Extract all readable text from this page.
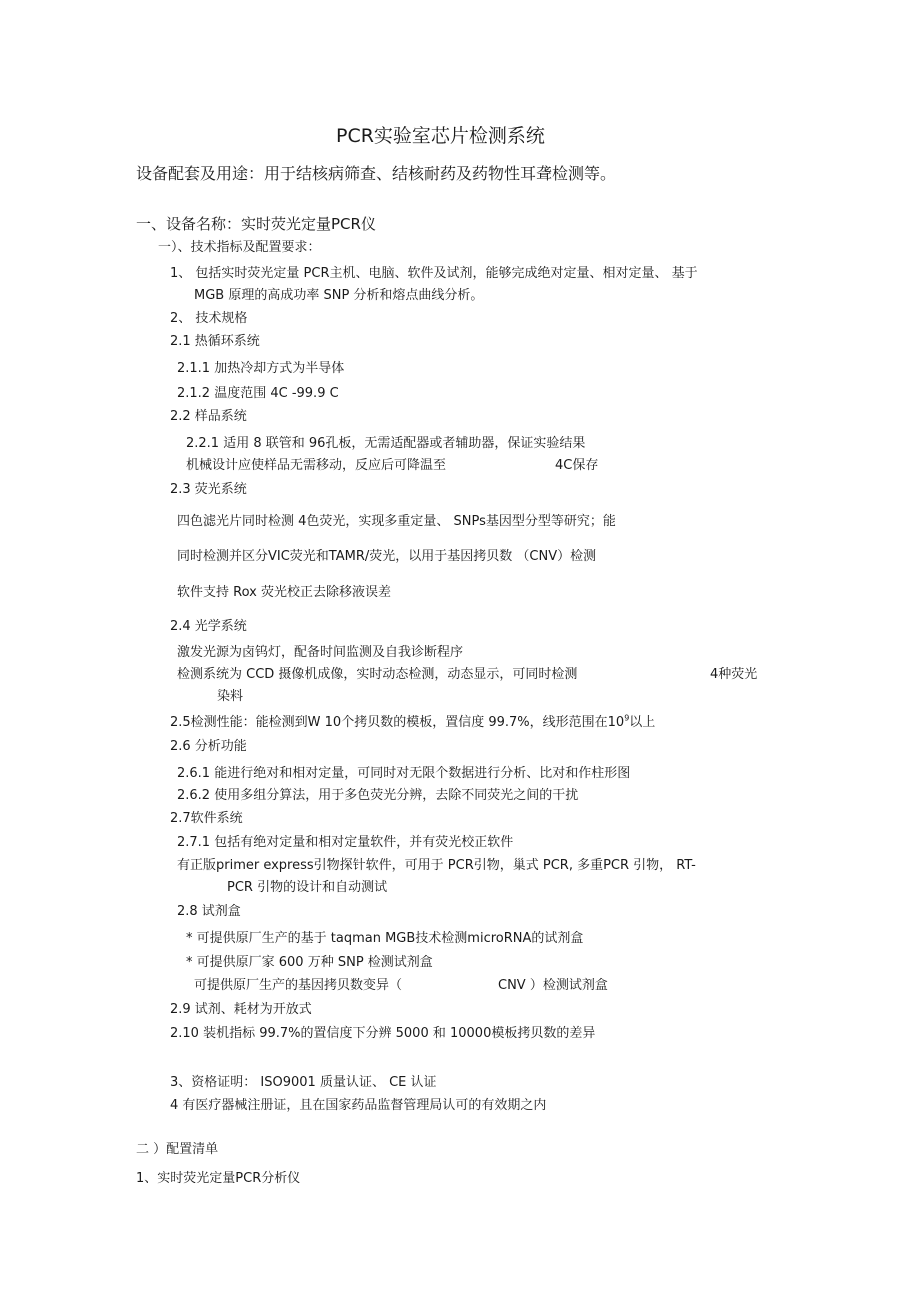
PCR实验室芯片检测系统
设备配套及用途：用于结核病筛查、结核耐药及药物性耳聋检测等。
一、设备名称：实时荧光定量PCR仪
一）、技术指标及配置要求：
1、 包括实时荧光定量 PCR主机、电脑、软件及试剂，能够完成绝对定量、相对定量、 基于
MGB 原理的高成功率 SNP 分析和熔点曲线分析。
2、 技术规格
2.1 热循环系统
2.1.1 加热冷却方式为半导体
2.1.2 温度范围 4C -99.9 C
2.2 样品系统
2.2.1 适用 8 联管和 96孔板，无需适配器或者辅助器，保证实验结果
机械设计应使样品无需移动，反应后可降温至	4C保存
2.3 荧光系统
四色滤光片同时检测 4色荧光，实现多重定量、 SNPs基因型分型等研究；能
同时检测并区分VIC荧光和TAMR/荧光，以用于基因拷贝数 （CNV）检测
软件支持 Rox 荧光校正去除移液误差
2.4 光学系统
激发光源为卤钨灯，配备时间监测及自我诊断程序
检测系统为 CCD 摄像机成像，实时动态检测，动态显示，可同时检测	4种荧光
染料
2.5检测性能：能检测到W 10个拷贝数的模板，置信度 99.7%，线形范围在$10^9$以上
2.6 分析功能
2.6.1 能进行绝对和相对定量，可同时对无限个数据进行分析、比对和作柱形图
2.6.2 使用多组分算法，用于多色荧光分辨，去除不同荧光之间的干扰
2.7软件系统
2.7.1 包括有绝对定量和相对定量软件，并有荧光校正软件
有正版primer express引物探针软件，可用于 PCR引物，巢式 PCR, 多重PCR 引物， RT-
PCR 引物的设计和自动测试
2.8 试剂盒
* 可提供原厂生产的基于 taqman MGB技术检测microRNA的试剂盒
* 可提供原厂家 600 万种 SNP 检测试剂盒
可提供原厂生产的基因拷贝数变异（	CNV ）检测试剂盒
2.9 试剂、耗材为开放式
2.10 装机指标 99.7%的置信度下分辨 5000 和 10000模板拷贝数的差异
3、资格证明： ISO9001 质量认证、 CE 认证
4 有医疗器械注册证，且在国家药品监督管理局认可的有效期之内
二 ）配置清单
1、实时荧光定量PCR分析仪
